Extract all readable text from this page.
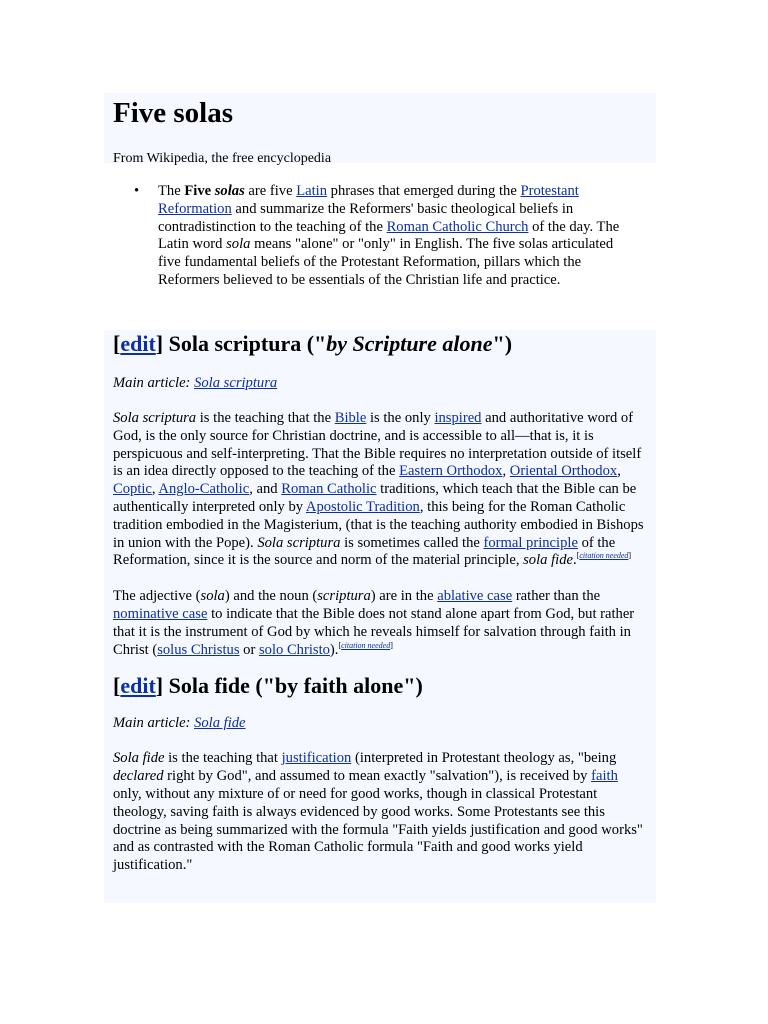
Five solas
From Wikipedia, the free encyclopedia
• The Five solas are five Latin phrases that emerged during the Protestant Reformation and summarize the Reformers' basic theological beliefs in contradistinction to the teaching of the Roman Catholic Church of the day. The Latin word sola means "alone" or "only" in English. The five solas articulated five fundamental beliefs of the Protestant Reformation, pillars which the Reformers believed to be essentials of the Christian life and practice.
[edit] Sola scriptura ("by Scripture alone")
Main article: Sola scriptura

Sola scriptura is the teaching that the Bible is the only inspired and authoritative word of God, is the only source for Christian doctrine, and is accessible to all—that is, it is perspicuous and self-interpreting. That the Bible requires no interpretation outside of itself is an idea directly opposed to the teaching of the Eastern Orthodox, Oriental Orthodox, Coptic, Anglo-Catholic, and Roman Catholic traditions, which teach that the Bible can be authentically interpreted only by Apostolic Tradition, this being for the Roman Catholic tradition embodied in the Magisterium, (that is the teaching authority embodied in Bishops in union with the Pope). Sola scriptura is sometimes called the formal principle of the Reformation, since it is the source and norm of the material principle, sola fide.[citation needed]

The adjective (sola) and the noun (scriptura) are in the ablative case rather than the nominative case to indicate that the Bible does not stand alone apart from God, but rather that it is the instrument of God by which he reveals himself for salvation through faith in Christ (solus Christus or solo Christo).[citation needed]

[edit] Sola fide ("by faith alone")
Main article: Sola fide

Sola fide is the teaching that justification (interpreted in Protestant theology as, "being declared right by God", and assumed to mean exactly "salvation"), is received by faith only, without any mixture of or need for good works, though in classical Protestant theology, saving faith is always evidenced by good works. Some Protestants see this doctrine as being summarized with the formula "Faith yields justification and good works" and as contrasted with the Roman Catholic formula "Faith and good works yield justification."
